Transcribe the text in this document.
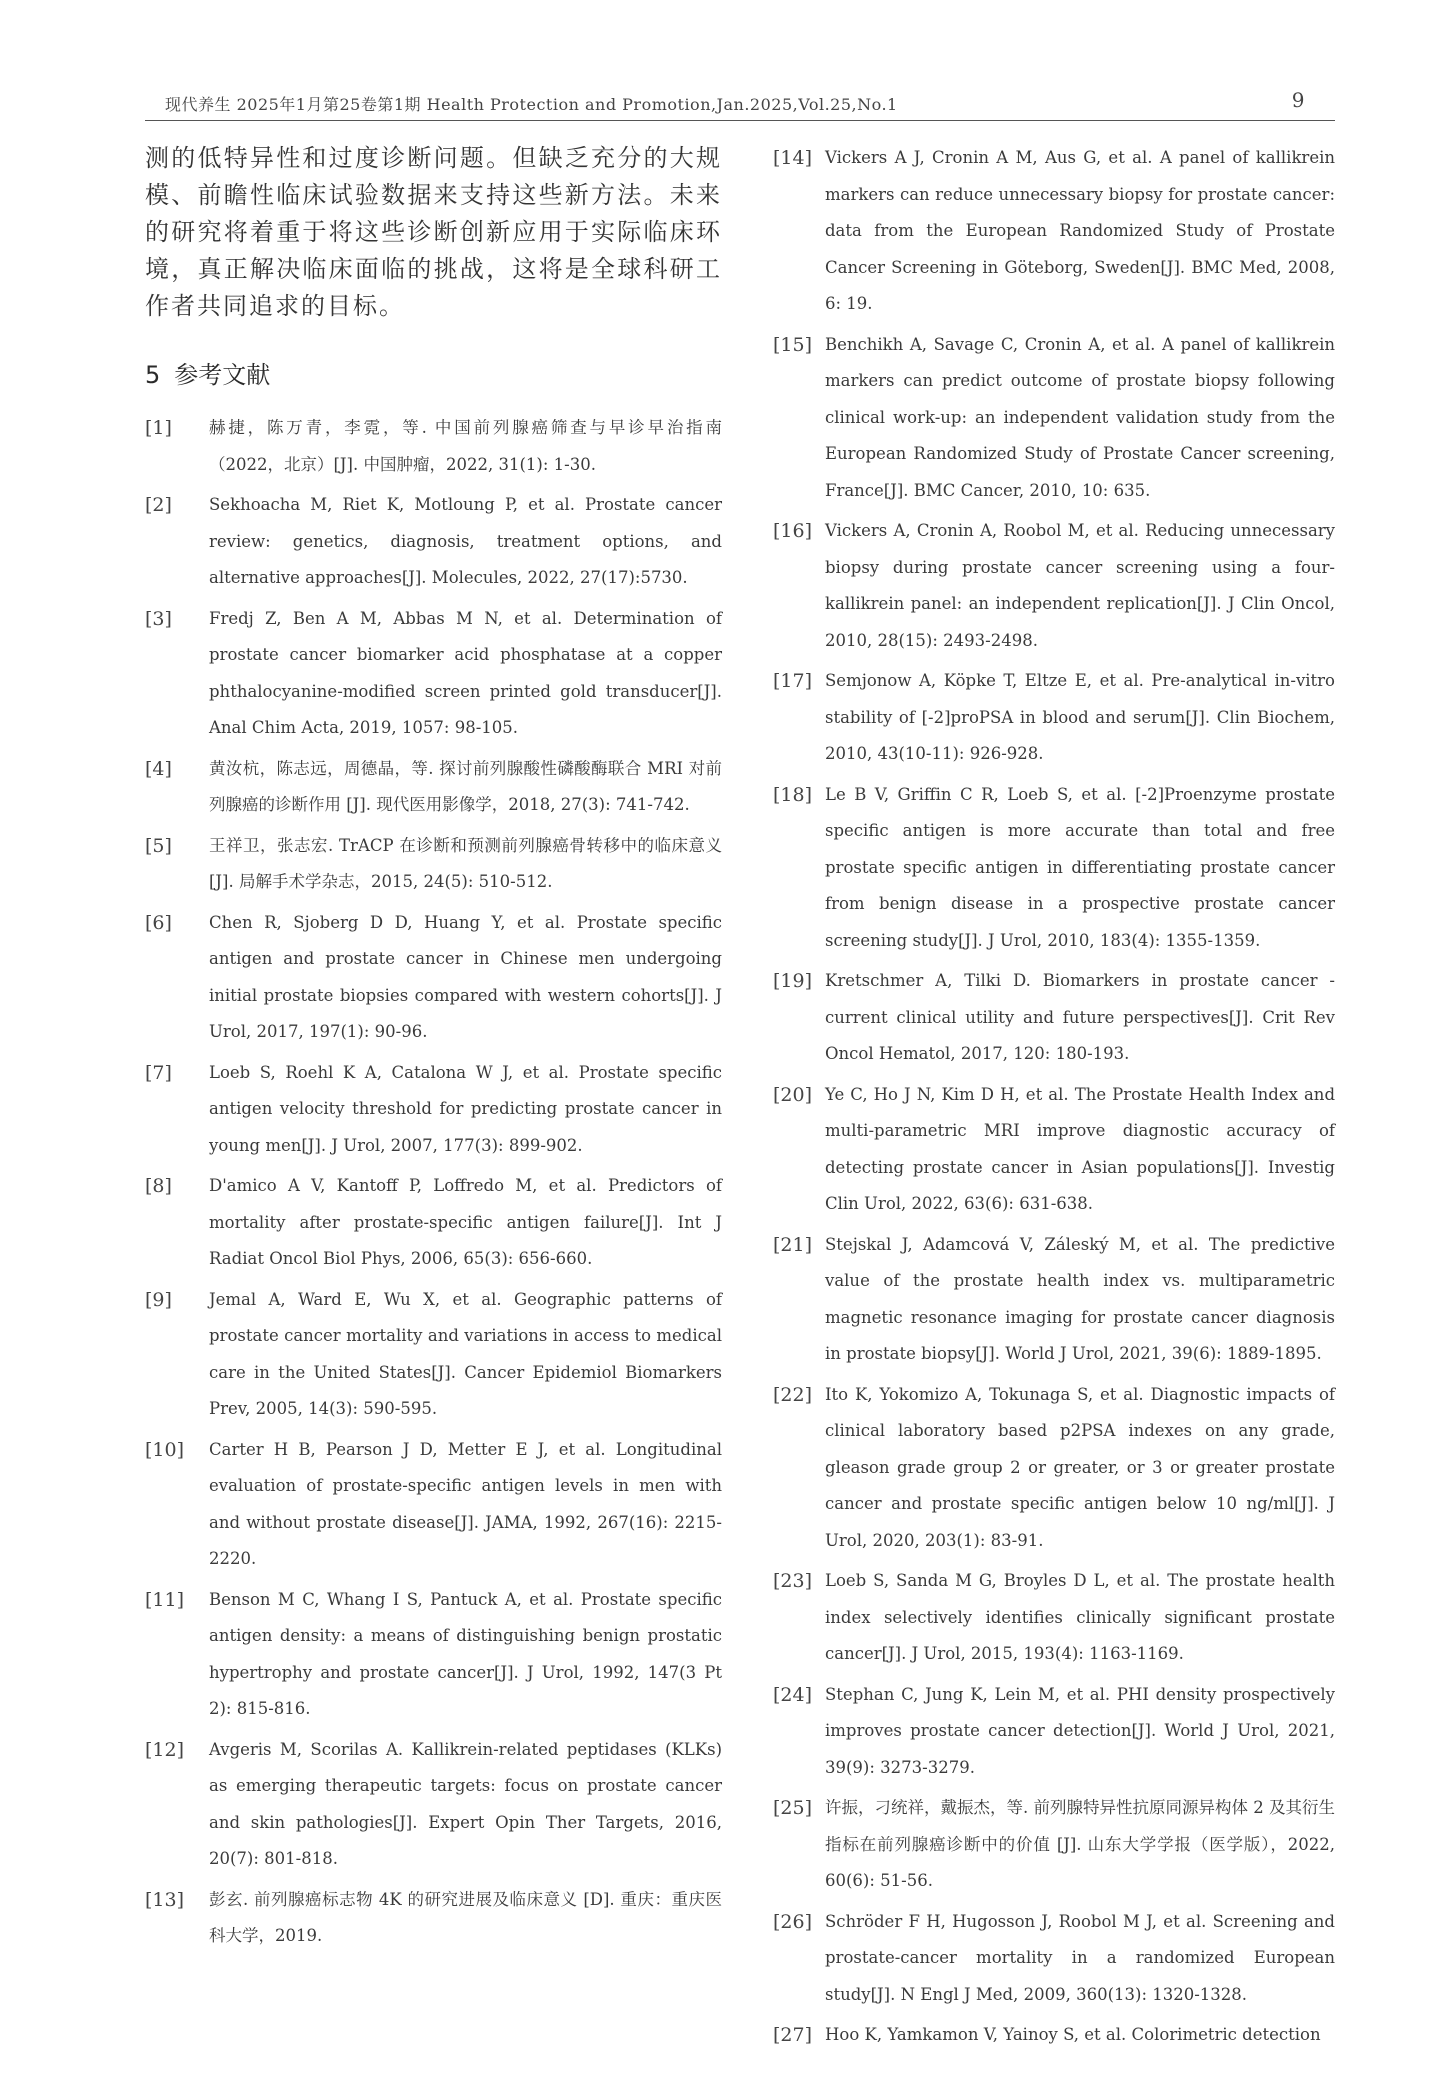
现代养生 2025年1月第25卷第1期 Health Protection and Promotion,Jan.2025,Vol.25,No.1	9

测的低特异性和过度诊断问题。但缺乏充分的大规模、前瞻性临床试验数据来支持这些新方法。未来的研究将着重于将这些诊断创新应用于实际临床环境，真正解决临床面临的挑战，这将是全球科研工作者共同追求的目标。

5 参考文献
[1]	赫捷，陈万青，李霓，等. 中国前列腺癌筛查与早诊早治指南（2022，北京）[J]. 中国肿瘤，2022, 31(1): 1-30.

[2]	Sekhoacha M, Riet K, Motloung P, et al. Prostate cancer review: genetics, diagnosis, treatment options, and alternative approaches[J]. Molecules, 2022, 27(17):5730.

[3]	Fredj Z, Ben A M, Abbas M N, et al. Determination of prostate cancer biomarker acid phosphatase at a copper phthalocyanine-modified screen printed gold transducer[J]. Anal Chim Acta, 2019, 1057: 98-105.

[4]	黄汝杭，陈志远，周德晶，等. 探讨前列腺酸性磷酸酶联合 MRI 对前列腺癌的诊断作用 [J]. 现代医用影像学，2018, 27(3): 741-742.

[5]	王祥卫，张志宏. TrACP 在诊断和预测前列腺癌骨转移中的临床意义 [J]. 局解手术学杂志，2015, 24(5): 510-512.

[6]	Chen R, Sjoberg D D, Huang Y, et al. Prostate specific antigen and prostate cancer in Chinese men undergoing initial prostate biopsies compared with western cohorts[J]. J Urol, 2017, 197(1): 90-96.

[7]	Loeb S, Roehl K A, Catalona W J, et al. Prostate specific antigen velocity threshold for predicting prostate cancer in young men[J]. J Urol, 2007, 177(3): 899-902.

[8]	D'amico A V, Kantoff P, Loffredo M, et al. Predictors of mortality after prostate-specific antigen failure[J]. Int J Radiat Oncol Biol Phys, 2006, 65(3): 656-660.

[9]	Jemal A, Ward E, Wu X, et al. Geographic patterns of prostate cancer mortality and variations in access to medical care in the United States[J]. Cancer Epidemiol Biomarkers Prev, 2005, 14(3): 590-595.

[10]	Carter H B, Pearson J D, Metter E J, et al. Longitudinal evaluation of prostate-specific antigen levels in men with and without prostate disease[J]. JAMA, 1992, 267(16): 2215-2220.

[11]	Benson M C, Whang I S, Pantuck A, et al. Prostate specific antigen density: a means of distinguishing benign prostatic hypertrophy and prostate cancer[J]. J Urol, 1992, 147(3 Pt 2): 815-816.

[12]	Avgeris M, Scorilas A. Kallikrein-related peptidases (KLKs) as emerging therapeutic targets: focus on prostate cancer and skin pathologies[J]. Expert Opin Ther Targets, 2016, 20(7): 801-818.

[13]	彭玄. 前列腺癌标志物 4K 的研究进展及临床意义 [D]. 重庆：重庆医科大学，2019.

[14] Vickers A J, Cronin A M, Aus G, et al. A panel of kallikrein markers can reduce unnecessary biopsy for prostate cancer: data from the European Randomized Study of Prostate Cancer Screening in Göteborg, Sweden[J]. BMC Med, 2008, 6: 19.

[15] Benchikh A, Savage C, Cronin A, et al. A panel of kallikrein markers can predict outcome of prostate biopsy following clinical work-up: an independent validation study from the European Randomized Study of Prostate Cancer screening, France[J]. BMC Cancer, 2010, 10: 635.

[16] Vickers A, Cronin A, Roobol M, et al. Reducing unnecessary biopsy during prostate cancer screening using a four-kallikrein panel: an independent replication[J]. J Clin Oncol, 2010, 28(15): 2493-2498.

[17] Semjonow A, Köpke T, Eltze E, et al. Pre-analytical in-vitro stability of [-2]proPSA in blood and serum[J]. Clin Biochem, 2010, 43(10-11): 926-928.

[18] Le B V, Griffin C R, Loeb S, et al. [-2]Proenzyme prostate specific antigen is more accurate than total and free prostate specific antigen in differentiating prostate cancer from benign disease in a prospective prostate cancer screening study[J]. J Urol, 2010, 183(4): 1355-1359.

[19] Kretschmer A, Tilki D. Biomarkers in prostate cancer - current clinical utility and future perspectives[J]. Crit Rev Oncol Hematol, 2017, 120: 180-193.

[20] Ye C, Ho J N, Kim D H, et al. The Prostate Health Index and multi-parametric MRI improve diagnostic accuracy of detecting prostate cancer in Asian populations[J]. Investig Clin Urol, 2022, 63(6): 631-638.

[21] Stejskal J, Adamcová V, Záleský M, et al. The predictive value of the prostate health index vs. multiparametric magnetic resonance imaging for prostate cancer diagnosis in prostate biopsy[J]. World J Urol, 2021, 39(6): 1889-1895.

[22] Ito K, Yokomizo A, Tokunaga S, et al. Diagnostic impacts of clinical laboratory based p2PSA indexes on any grade, gleason grade group 2 or greater, or 3 or greater prostate cancer and prostate specific antigen below 10 ng/ml[J]. J Urol, 2020, 203(1): 83-91.

[23] Loeb S, Sanda M G, Broyles D L, et al. The prostate health index selectively identifies clinically significant prostate cancer[J]. J Urol, 2015, 193(4): 1163-1169.

[24] Stephan C, Jung K, Lein M, et al. PHI density prospectively improves prostate cancer detection[J]. World J Urol, 2021, 39(9): 3273-3279.

[25] 许振，刁统祥，戴振杰，等. 前列腺特异性抗原同源异构体 2 及其衍生指标在前列腺癌诊断中的价值 [J]. 山东大学学报（医学版），2022, 60(6): 51-56.

[26] Schröder F H, Hugosson J, Roobol M J, et al. Screening and prostate-cancer mortality in a randomized European study[J]. N Engl J Med, 2009, 360(13): 1320-1328.

[27] Hoo K, Yamkamon V, Yainoy S, et al. Colorimetric detection
